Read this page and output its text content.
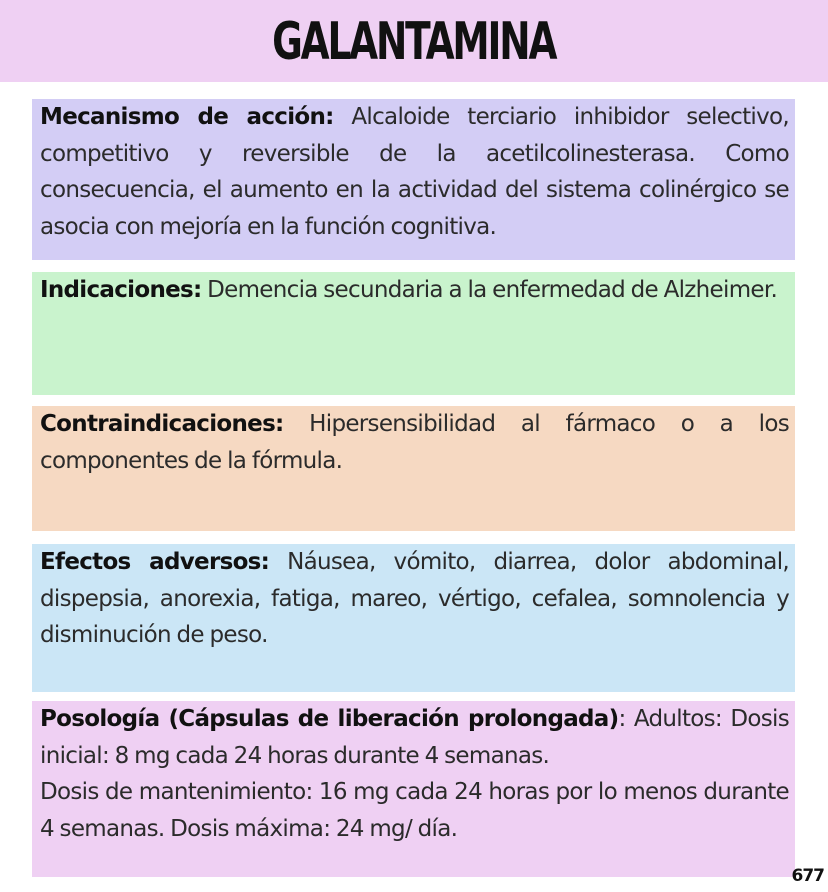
GALANTAMINA

Mecanismo de acción: Alcaloide terciario inhibidor selectivo, competitivo y reversible de la acetilcolinesterasa. Como consecuencia, el aumento en la actividad del sistema colinérgico se asocia con mejoría en la función cognitiva.

Indicaciones: Demencia secundaria a la enfermedad de Alzheimer.

Contraindicaciones: Hipersensibilidad al fármaco o a los componentes de la fórmula.

Efectos adversos: Náusea, vómito, diarrea, dolor abdominal, dispepsia, anorexia, fatiga, mareo, vértigo, cefalea, somnolencia y disminución de peso.

Posología (Cápsulas de liberación prolongada): Adultos: Dosis inicial: 8 mg cada 24 horas durante 4 semanas.

Dosis de mantenimiento: 16 mg cada 24 horas por lo menos durante 4 semanas. Dosis máxima: 24 mg/ día.

677
